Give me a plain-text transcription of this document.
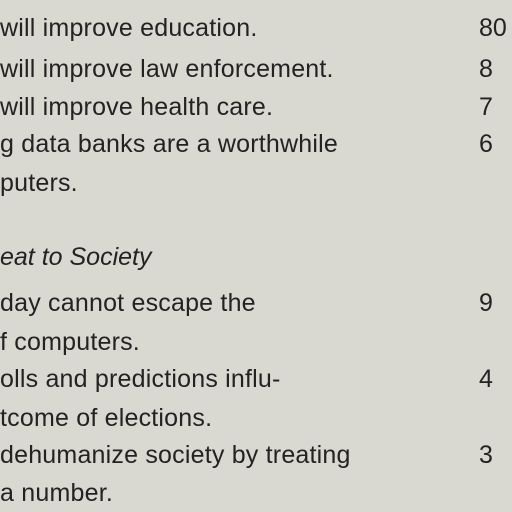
will improve education.	80
will improve law enforcement.	8
will improve health care.	7
g data banks are a worthwhile	6
puters.
eat to Society
day cannot escape the	9
f computers.
olls and predictions influ-	4
tcome of elections.
dehumanize society by treating	3
a number.
